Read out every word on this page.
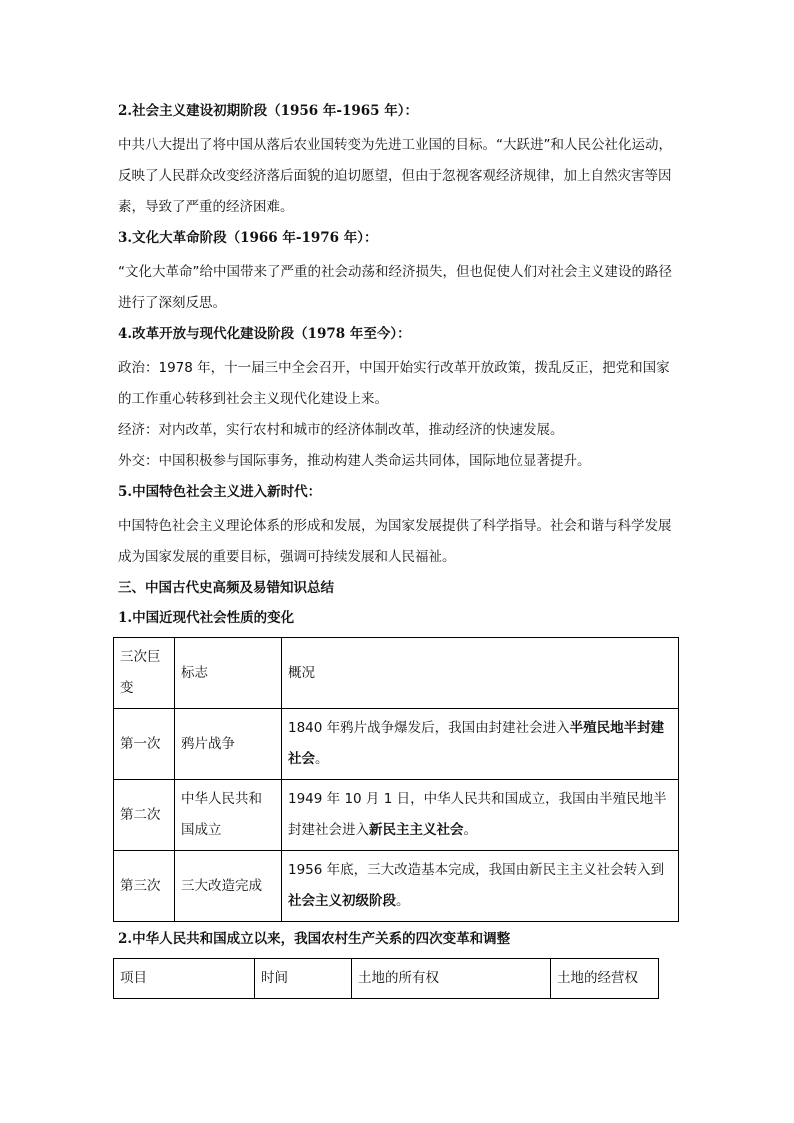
2.社会主义建设初期阶段（1956 年-1965 年）：

中共八大提出了将中国从落后农业国转变为先进工业国的目标。“大跃进”和人民公社化运动，反映了人民群众改变经济落后面貌的迫切愿望，但由于忽视客观经济规律，加上自然灾害等因素，导致了严重的经济困难。

3.文化大革命阶段（1966 年-1976 年）：

“文化大革命”给中国带来了严重的社会动荡和经济损失，但也促使人们对社会主义建设的路径进行了深刻反思。

4.改革开放与现代化建设阶段（1978 年至今）：

政治：1978 年，十一届三中全会召开，中国开始实行改革开放政策，拨乱反正，把党和国家的工作重心转移到社会主义现代化建设上来。

经济：对内改革，实行农村和城市的经济体制改革，推动经济的快速发展。

外交：中国积极参与国际事务，推动构建人类命运共同体，国际地位显著提升。

5.中国特色社会主义进入新时代：

中国特色社会主义理论体系的形成和发展，为国家发展提供了科学指导。社会和谐与科学发展成为国家发展的重要目标，强调可持续发展和人民福祉。

三、中国古代史高频及易错知识总结
1.中国近现代社会性质的变化
三次巨变	标志	概况
第一次	鸦片战争	1840 年鸦片战争爆发后，我国由封建社会进入半殖民地半封建社会。
第二次	中华人民共和国成立	1949 年 10 月 1 日，中华人民共和国成立，我国由半殖民地半封建社会进入新民主主义社会。
第三次	三大改造完成	1956 年底，三大改造基本完成，我国由新民主主义社会转入到社会主义初级阶段。
2.中华人民共和国成立以来，我国农村生产关系的四次变革和调整
项目	时间	土地的所有权	土地的经营权
